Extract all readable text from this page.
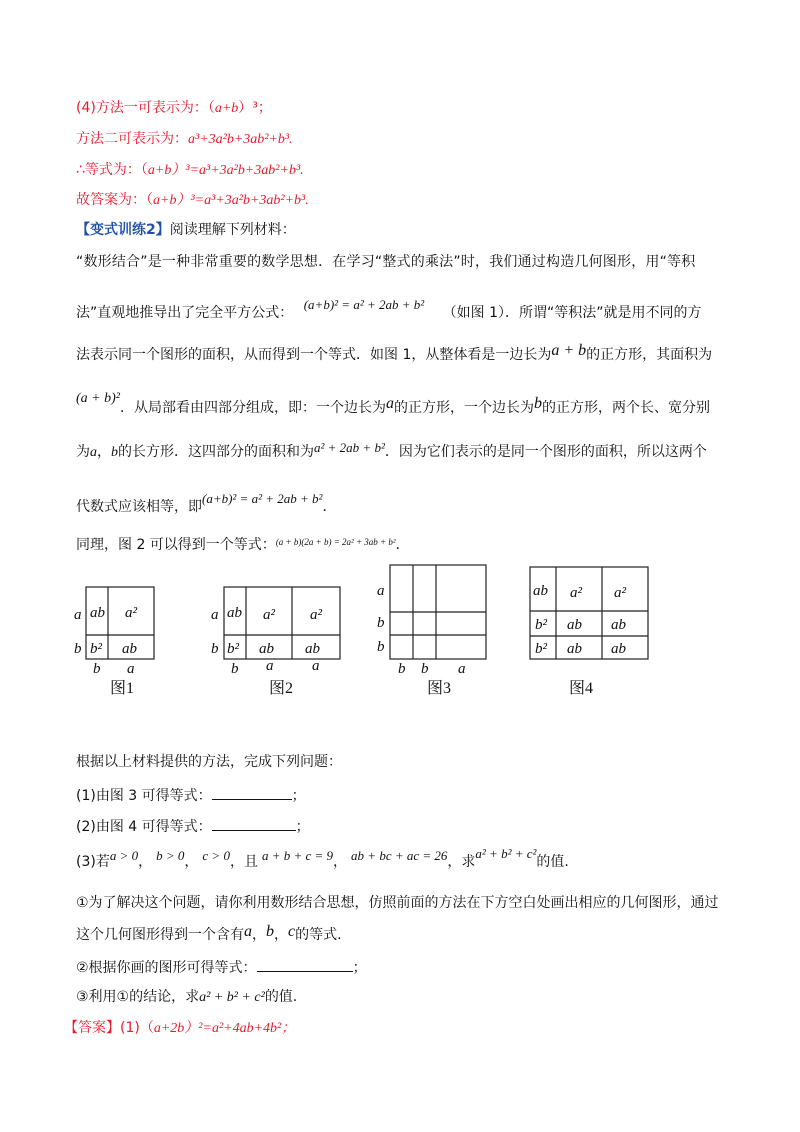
(4)方法一可表示为：（a+b）³；
方法二可表示为：a³+3a²b+3ab²+b³.
∴等式为：（a+b）³=a³+3a²b+3ab²+b³.
故答案为：（a+b）³=a³+3a²b+3ab²+b³.
【变式训练2】阅读理解下列材料：
“数形结合”是一种非常重要的数学思想．在学习“整式的乘法”时，我们通过构造几何图形，用“等积
法”直观地推导出了完全平方公式： (a+b)² = a² + 2ab + b² （如图 1）．所谓“等积法”就是用不同的方
法表示同一个图形的面积，从而得到一个等式．如图 1，从整体看是一边长为a + b的正方形，其面积为
(a + b)²．从局部看由四部分组成，即：一个边长为a的正方形，一个边长为b的正方形，两个长、宽分别
为a，b的长方形．这四部分的面积和为a² + 2ab + b²．因为它们表示的是同一个图形的面积，所以这两个
代数式应该相等，即(a+b)² = a² + 2ab + b²．
同理，图 2 可以得到一个等式：$^{(a + b)(2a + b) = 2a^2 + 3ab + b^2}$．
ab a²
b² ab
a
b
b a
ab a² a²
b² ab ab
a
b
b a	a
a
b
b
b b a
ab a² a²
b² ab ab
b² ab ab
图1	图2	图3	图4
根据以上材料提供的方法，完成下列问题：
(1)由图 3 可得等式：	；
(2)由图 4 可得等式：	；
(3)若a > 0， b > 0， c > 0，且 a + b + c = 9， ab + bc + ac = 26，求a² + b² + c²的值.
①为了解决这个问题，请你利用数形结合思想，仿照前面的方法在下方空白处画出相应的几何图形，通过
这个几何图形得到一个含有a，b，c的等式.
②根据你画的图形可得等式：	；
③利用①的结论，求a² + b² + c²的值.
【答案】(1)（a+2b）²=a²+4ab+4b²；
